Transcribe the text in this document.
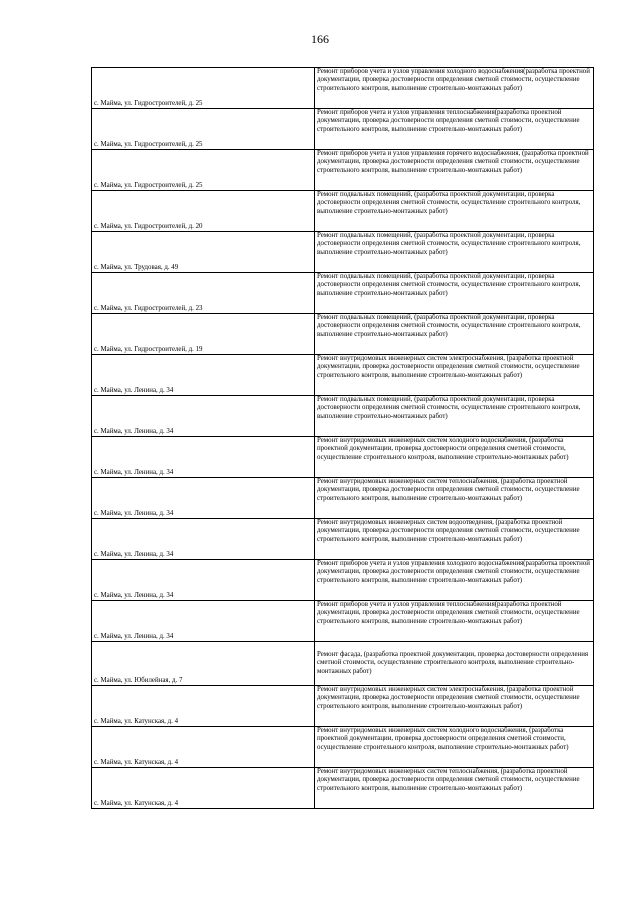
166
с. Майма, ул. Гидростроителей, д. 25	Ремонт приборов учета и узлов управления холодного водоснабжения(разработка проектной документации, проверка достоверности определения сметной стоимости, осуществление строительного контроля, выполнение строительно-монтажных работ)
с. Майма, ул. Гидростроителей, д. 25	Ремонт приборов учета и узлов управления теплоснабжения(разработка проектной документации, проверка достоверности определения сметной стоимости, осуществление строительного контроля, выполнение строительно-монтажных работ)
с. Майма, ул. Гидростроителей, д. 25	Ремонт приборов учета и узлов управления горячего водоснабжения, (разработка проектной документации, проверка достоверности определения сметной стоимости, осуществление строительного контроля, выполнение строительно-монтажных работ)
с. Майма, ул. Гидростроителей, д. 20	Ремонт подвальных помещений, (разработка проектной документации, проверка достоверности определения сметной стоимости, осуществление строительного контроля, выполнение строительно-монтажных работ)
с. Майма, ул. Трудовая, д. 49	Ремонт подвальных помещений, (разработка проектной документации, проверка достоверности определения сметной стоимости, осуществление строительного контроля, выполнение строительно-монтажных работ)
с. Майма, ул. Гидростроителей, д. 23	Ремонт подвальных помещений, (разработка проектной документации, проверка достоверности определения сметной стоимости, осуществление строительного контроля, выполнение строительно-монтажных работ)
с. Майма, ул. Гидростроителей, д. 19	Ремонт подвальных помещений, (разработка проектной документации, проверка достоверности определения сметной стоимости, осуществление строительного контроля, выполнение строительно-монтажных работ)
с. Майма, ул. Ленина, д. 34	Ремонт внутридомовых инженерных систем электроснабжения, (разработка проектной документации, проверка достоверности определения сметной стоимости, осуществление строительного контроля, выполнение строительно-монтажных работ)
с. Майма, ул. Ленина, д. 34	Ремонт подвальных помещений, (разработка проектной документации, проверка достоверности определения сметной стоимости, осуществление строительного контроля, выполнение строительно-монтажных работ)
с. Майма, ул. Ленина, д. 34	Ремонт внутридомовых инженерных систем холодного водоснабжения, (разработка проектной документации, проверка достоверности определения сметной стоимости, осуществление строительного контроля, выполнение строительно-монтажных работ)
с. Майма, ул. Ленина, д. 34	Ремонт внутридомовых инженерных систем теплоснабжения, (разработка проектной документации, проверка достоверности определения сметной стоимости, осуществление строительного контроля, выполнение строительно-монтажных работ)
с. Майма, ул. Ленина, д. 34	Ремонт внутридомовых инженерных систем водоотведения, (разработка проектной документации, проверка достоверности определения сметной стоимости, осуществление строительного контроля, выполнение строительно-монтажных работ)
с. Майма, ул. Ленина, д. 34	Ремонт приборов учета и узлов управления холодного водоснабжения(разработка проектной документации, проверка достоверности определения сметной стоимости, осуществление строительного контроля, выполнение строительно-монтажных работ)
с. Майма, ул. Ленина, д. 34	Ремонт приборов учета и узлов управления теплоснабжения(разработка проектной документации, проверка достоверности определения сметной стоимости, осуществление строительного контроля, выполнение строительно-монтажных работ)
с. Майма, ул. Юбилейная, д. 7	Ремонт фасада, (разработка проектной документации, проверка достоверности определения сметной стоимости, осуществление строительного контроля, выполнение строительно-монтажных работ)
с. Майма, ул. Катунская, д. 4	Ремонт внутридомовых инженерных систем электроснабжения, (разработка проектной документации, проверка достоверности определения сметной стоимости, осуществление строительного контроля, выполнение строительно-монтажных работ)
с. Майма, ул. Катунская, д. 4	Ремонт внутридомовых инженерных систем холодного водоснабжения, (разработка проектной документации, проверка достоверности определения сметной стоимости, осуществление строительного контроля, выполнение строительно-монтажных работ)
с. Майма, ул. Катунская, д. 4	Ремонт внутридомовых инженерных систем теплоснабжения, (разработка проектной документации, проверка достоверности определения сметной стоимости, осуществление строительного контроля, выполнение строительно-монтажных работ)
